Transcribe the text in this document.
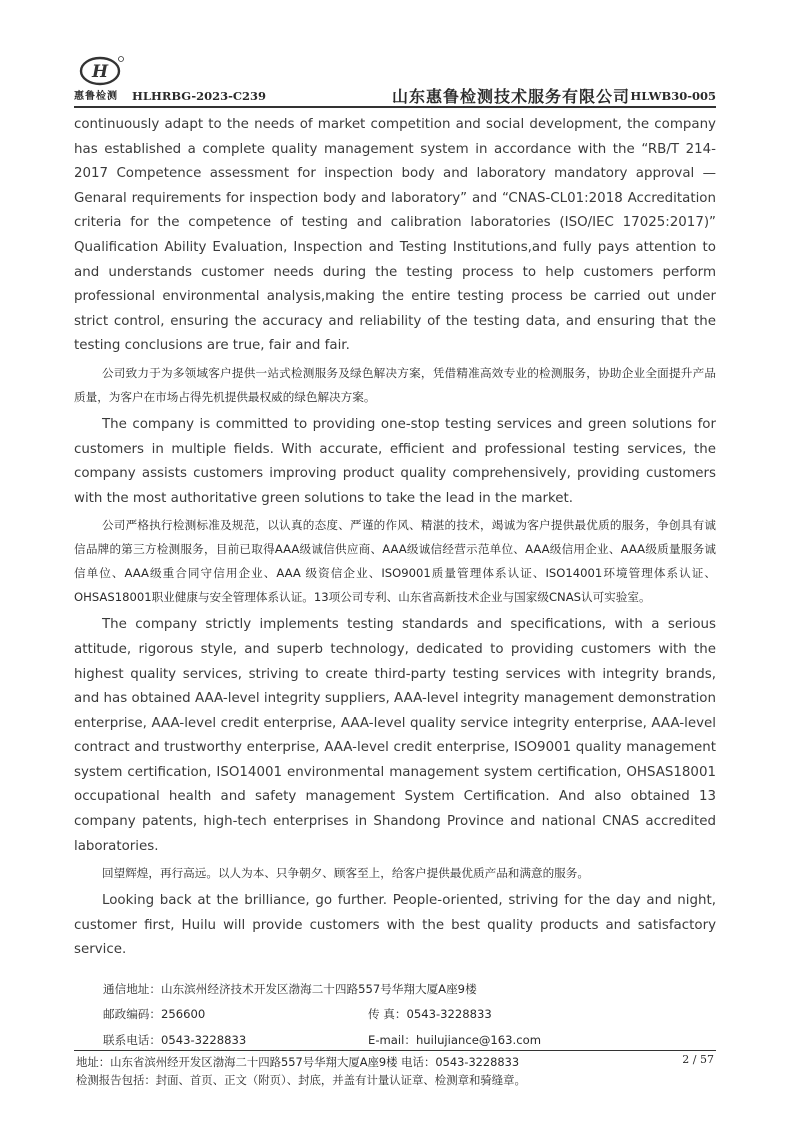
H
惠鲁检测 HLHRBG-2023-C239	山东惠鲁检测技术服务有限公司 HLWB30-005

continuously adapt to the needs of market competition and social development, the company has established a complete quality management system in accordance with the “RB/T 214-2017 Competence assessment for inspection body and laboratory mandatory approval — Genaral requirements for inspection body and laboratory” and “CNAS-CL01:2018 Accreditation criteria for the competence of testing and calibration laboratories (ISO/IEC 17025:2017)” Qualification Ability Evaluation, Inspection and Testing Institutions,and fully pays attention to and understands customer needs during the testing process to help customers perform professional environmental analysis,making the entire testing process be carried out under strict control, ensuring the accuracy and reliability of the testing data, and ensuring that the testing conclusions are true, fair and fair.

公司致力于为多领域客户提供一站式检测服务及绿色解决方案，凭借精准高效专业的检测服务，协助企业全面提升产品质量，为客户在市场占得先机提供最权威的绿色解决方案。

The company is committed to providing one-stop testing services and green solutions for customers in multiple fields. With accurate, efficient and professional testing services, the company assists customers improving product quality comprehensively, providing customers with the most authoritative green solutions to take the lead in the market.

公司严格执行检测标准及规范，以认真的态度、严谨的作风、精湛的技术，竭诚为客户提供最优质的服务，争创具有诚信品牌的第三方检测服务，目前已取得AAA级诚信供应商、AAA级诚信经营示范单位、AAA级信用企业、AAA级质量服务诚信单位、AAA级重合同守信用企业、AAA 级资信企业、ISO9001质量管理体系认证、ISO14001环境管理体系认证、OHSAS18001职业健康与安全管理体系认证。13项公司专利、山东省高新技术企业与国家级CNAS认可实验室。

The company strictly implements testing standards and specifications, with a serious attitude, rigorous style, and superb technology, dedicated to providing customers with the highest quality services, striving to create third-party testing services with integrity brands, and has obtained AAA-level integrity suppliers, AAA-level integrity management demonstration enterprise, AAA-level credit enterprise, AAA-level quality service integrity enterprise, AAA-level contract and trustworthy enterprise, AAA-level credit enterprise, ISO9001 quality management system certification, ISO14001 environmental management system certification, OHSAS18001 occupational health and safety management System Certification. And also obtained 13 company patents, high-tech enterprises in Shandong Province and national CNAS accredited laboratories.

回望辉煌，再行高远。以人为本、只争朝夕、顾客至上，给客户提供最优质产品和满意的服务。

Looking back at the brilliance, go further. People-oriented, striving for the day and night, customer first, Huilu will provide customers with the best quality products and satisfactory service.

通信地址：山东滨州经济技术开发区渤海二十四路557号华翔大厦A座9楼
邮政编码：256600	传 真：0543-3228833
联系电话：0543-3228833	E-mail：huilujiance@163.com
地址：山东省滨州经开发区渤海二十四路557号华翔大厦A座9楼 电话：0543-3228833
检测报告包括：封面、首页、正文（附页）、封底，并盖有计量认证章、检测章和骑缝章。
2 / 57
